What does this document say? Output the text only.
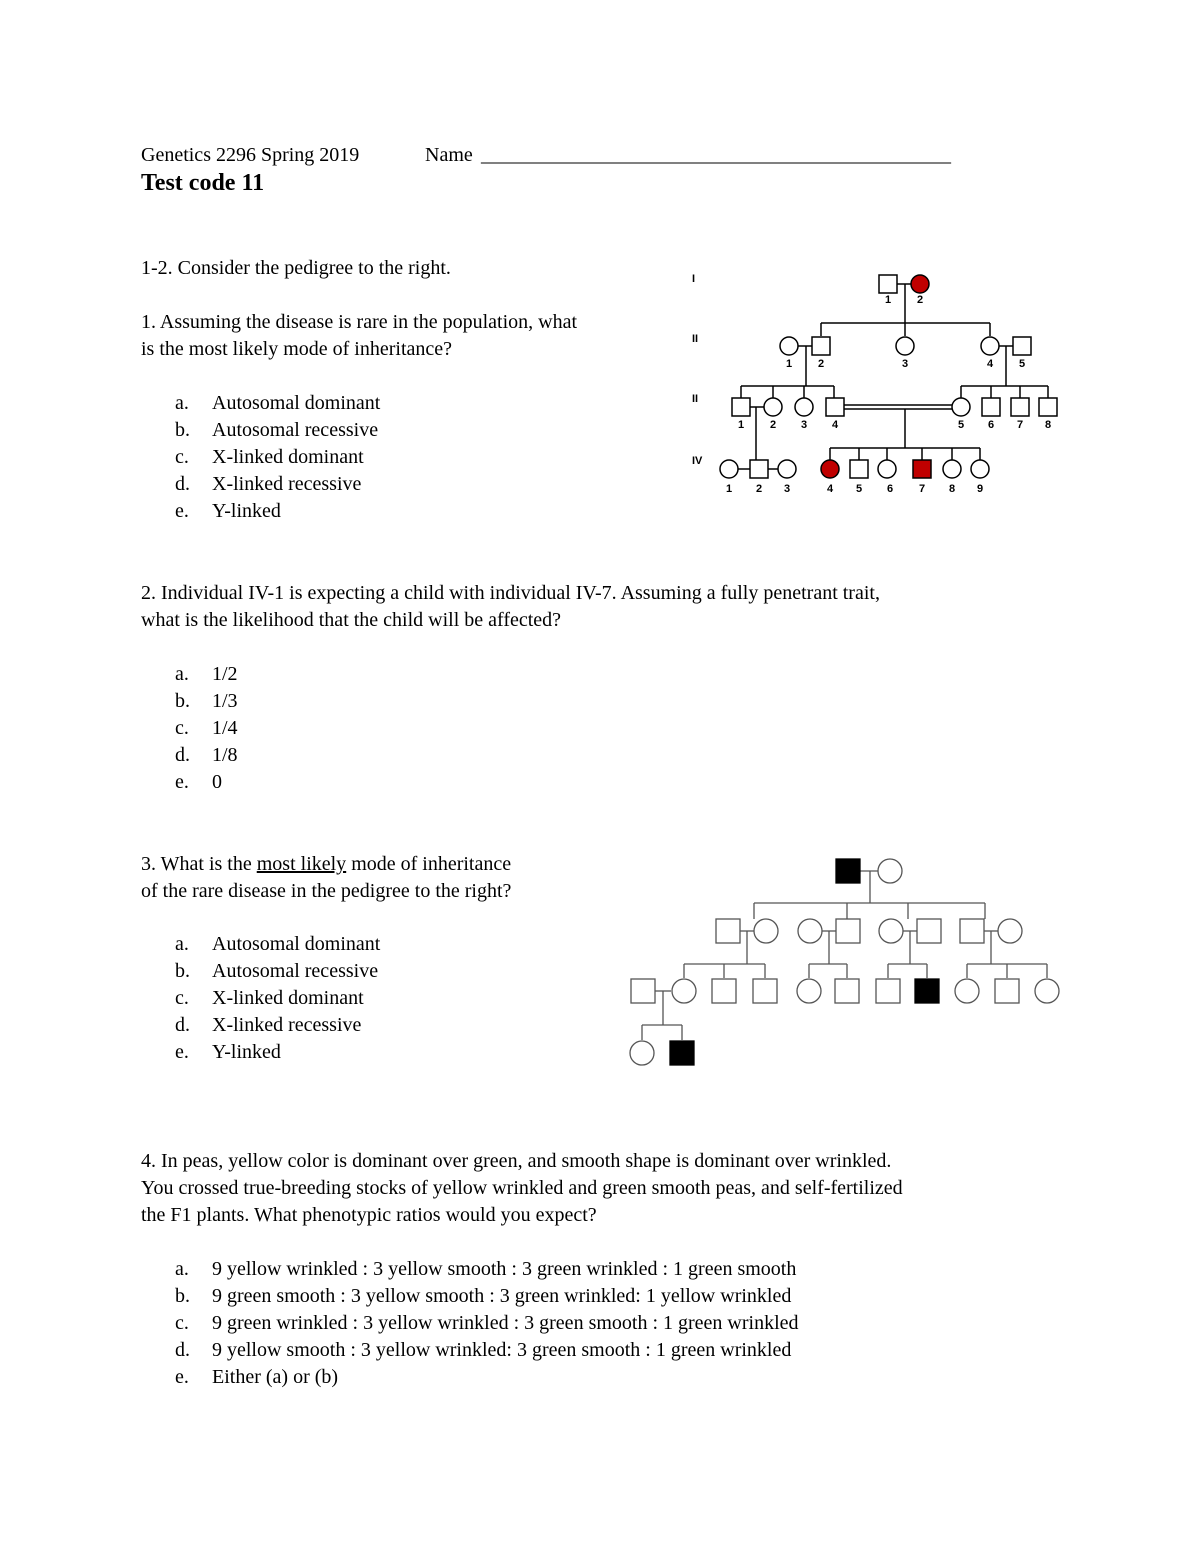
Genetics 2296 Spring 2019	Name _______________________________________________
Test code 11
1-2. Consider the pedigree to the right.
1. Assuming the disease is rare in the population, what
is the most likely mode of inheritance?
a. Autosomal dominant
b. Autosomal recessive
c. X-linked dominant
d. X-linked recessive
e. Y-linked
I
II
II
IV
1 2
1 2	3	4 5
1 2 3 4	5 6 7 8
1 2 3	4 5 6 7 8 9
2. Individual IV-1 is expecting a child with individual IV-7. Assuming a fully penetrant trait,
what is the likelihood that the child will be affected?
a. 1/2
b. 1/3
c. 1/4
d. 1/8
e. 0
3. What is the most likely mode of inheritance
of the rare disease in the pedigree to the right?
a. Autosomal dominant
b. Autosomal recessive
c. X-linked dominant
d. X-linked recessive
e. Y-linked
4. In peas, yellow color is dominant over green, and smooth shape is dominant over wrinkled.
You crossed true-breeding stocks of yellow wrinkled and green smooth peas, and self-fertilized
the F1 plants. What phenotypic ratios would you expect?
a. 9 yellow wrinkled : 3 yellow smooth : 3 green wrinkled : 1 green smooth
b. 9 green smooth : 3 yellow smooth : 3 green wrinkled: 1 yellow wrinkled
c. 9 green wrinkled : 3 yellow wrinkled : 3 green smooth : 1 green wrinkled
d. 9 yellow smooth : 3 yellow wrinkled: 3 green smooth : 1 green wrinkled
e. Either (a) or (b)
